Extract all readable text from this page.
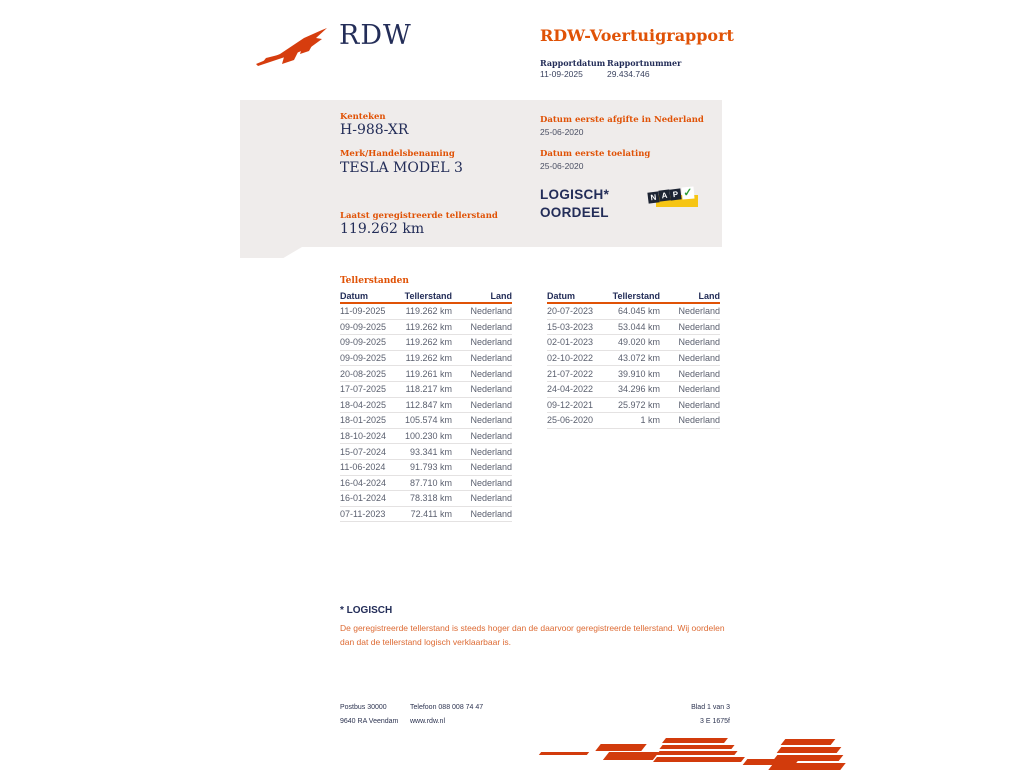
RDW	RDW-Voertuigrapport
Rapportdatum
11-09-2025
Rapportnummer
29.434.746
Kenteken
H-988-XR
Merk/Handelsbenaming
TESLA MODEL 3
Laatst geregistreerde tellerstand
119.262 km
Datum eerste afgifte in Nederland
25-06-2020
Datum eerste toelating
25-06-2020
LOGISCH*
OORDEEL
N A P ✓
Tellerstanden
Datum	Tellerstand	Land
11-09-2025	119.262 km	Nederland
09-09-2025	119.262 km	Nederland
09-09-2025	119.262 km	Nederland
09-09-2025	119.262 km	Nederland
20-08-2025	119.261 km	Nederland
17-07-2025	118.217 km	Nederland
18-04-2025	112.847 km	Nederland
18-01-2025	105.574 km	Nederland
18-10-2024	100.230 km	Nederland
15-07-2024	93.341 km	Nederland
11-06-2024	91.793 km	Nederland
16-04-2024	87.710 km	Nederland
16-01-2024	78.318 km	Nederland
07-11-2023	72.411 km	Nederland
Datum	Tellerstand	Land
20-07-2023	64.045 km	Nederland
15-03-2023	53.044 km	Nederland
02-01-2023	49.020 km	Nederland
02-10-2022	43.072 km	Nederland
21-07-2022	39.910 km	Nederland
24-04-2022	34.296 km	Nederland
09-12-2021	25.972 km	Nederland
25-06-2020	1 km	Nederland
* LOGISCH
De geregistreerde tellerstand is steeds hoger dan de daarvoor geregistreerde tellerstand. Wij oordelen dan dat de tellerstand logisch verklaarbaar is.
Postbus 30000
9640 RA Veendam
Telefoon 088 008 74 47
www.rdw.nl
Blad 1 van 3
3 E 1675f
